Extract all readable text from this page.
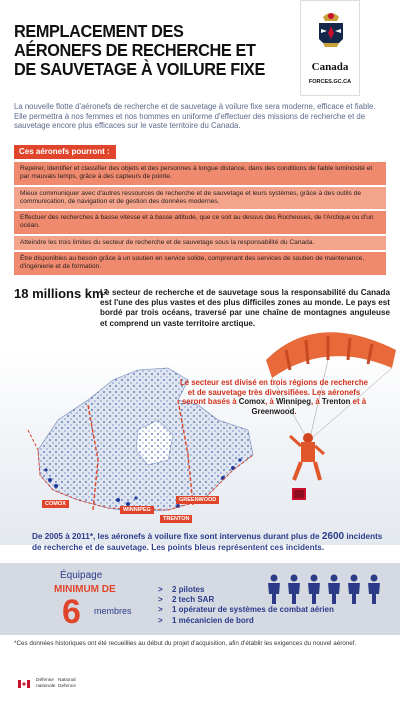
REMPLACEMENT DES
AÉRONEFS DE RECHERCHE ET
DE SAUVETAGE À VOILURE FIXE	Canada
FORCES.GC.CA

La nouvelle flotte d'aéronefs de recherche et de sauvetage à voilure fixe sera moderne, efficace et fiable. Elle permettra à nos femmes et nos hommes en uniforme d'effectuer des missions de recherche et de sauvetage encore plus efficaces sur le vaste territoire du Canada.

Ces aéronefs pourront :
Repérer, identifier et classifier des objets et des personnes à longue distance, dans des conditions de faible luminosité et par mauvais temps, grâce à des capteurs de pointe.
Mieux communiquer avec d'autres ressources de recherche et de sauvetage et leurs systèmes, grâce à des outils de communication, de navigation et de gestion des données modernes.
Effectuer des recherches à basse vitesse et à basse altitude, que ce soit au dessus des Rocheuses, de l'Arctique ou d'un océan.
Atteindre les trois limites du secteur de recherche et de sauvetage sous la responsabilité du Canada.
Être disponibles au besoin grâce à un soutien en service solide, comprenant des services de soutien de maintenance, d'ingénierie et de formation.
18 millions km²

Le secteur de recherche et de sauvetage sous la responsabilité du Canada est l'une des plus vastes et des plus difficiles zones au monde. Le pays est bordé par trois océans, traversé par une chaîne de montagnes anguleuse et comprend un vaste territoire arctique.

COMOX
WINNIPEG
TRENTON
GREENWOOD

Le secteur est divisé en trois régions de recherche et de sauvetage très diversifiées. Les aéronefs seront basés à Comox, à Winnipeg, à Trenton et à Greenwood.

De 2005 à 2011*, les aéronefs à voilure fixe sont intervenus durant plus de 2600 incidents de recherche et de sauvetage. Les points bleus représentent ces incidents.

Équipage
MINIMUM DE
6 membres
> 2 pilotes
> 2 tech SAR
> 1 opérateur de systèmes de combat aérien
> 1 mécanicien de bord

*Ces données historiques ont été recueillies au début du projet d'acquisition, afin d'établir les exigences du nouvel aéronef.

Défense
nationale
National
Defence
